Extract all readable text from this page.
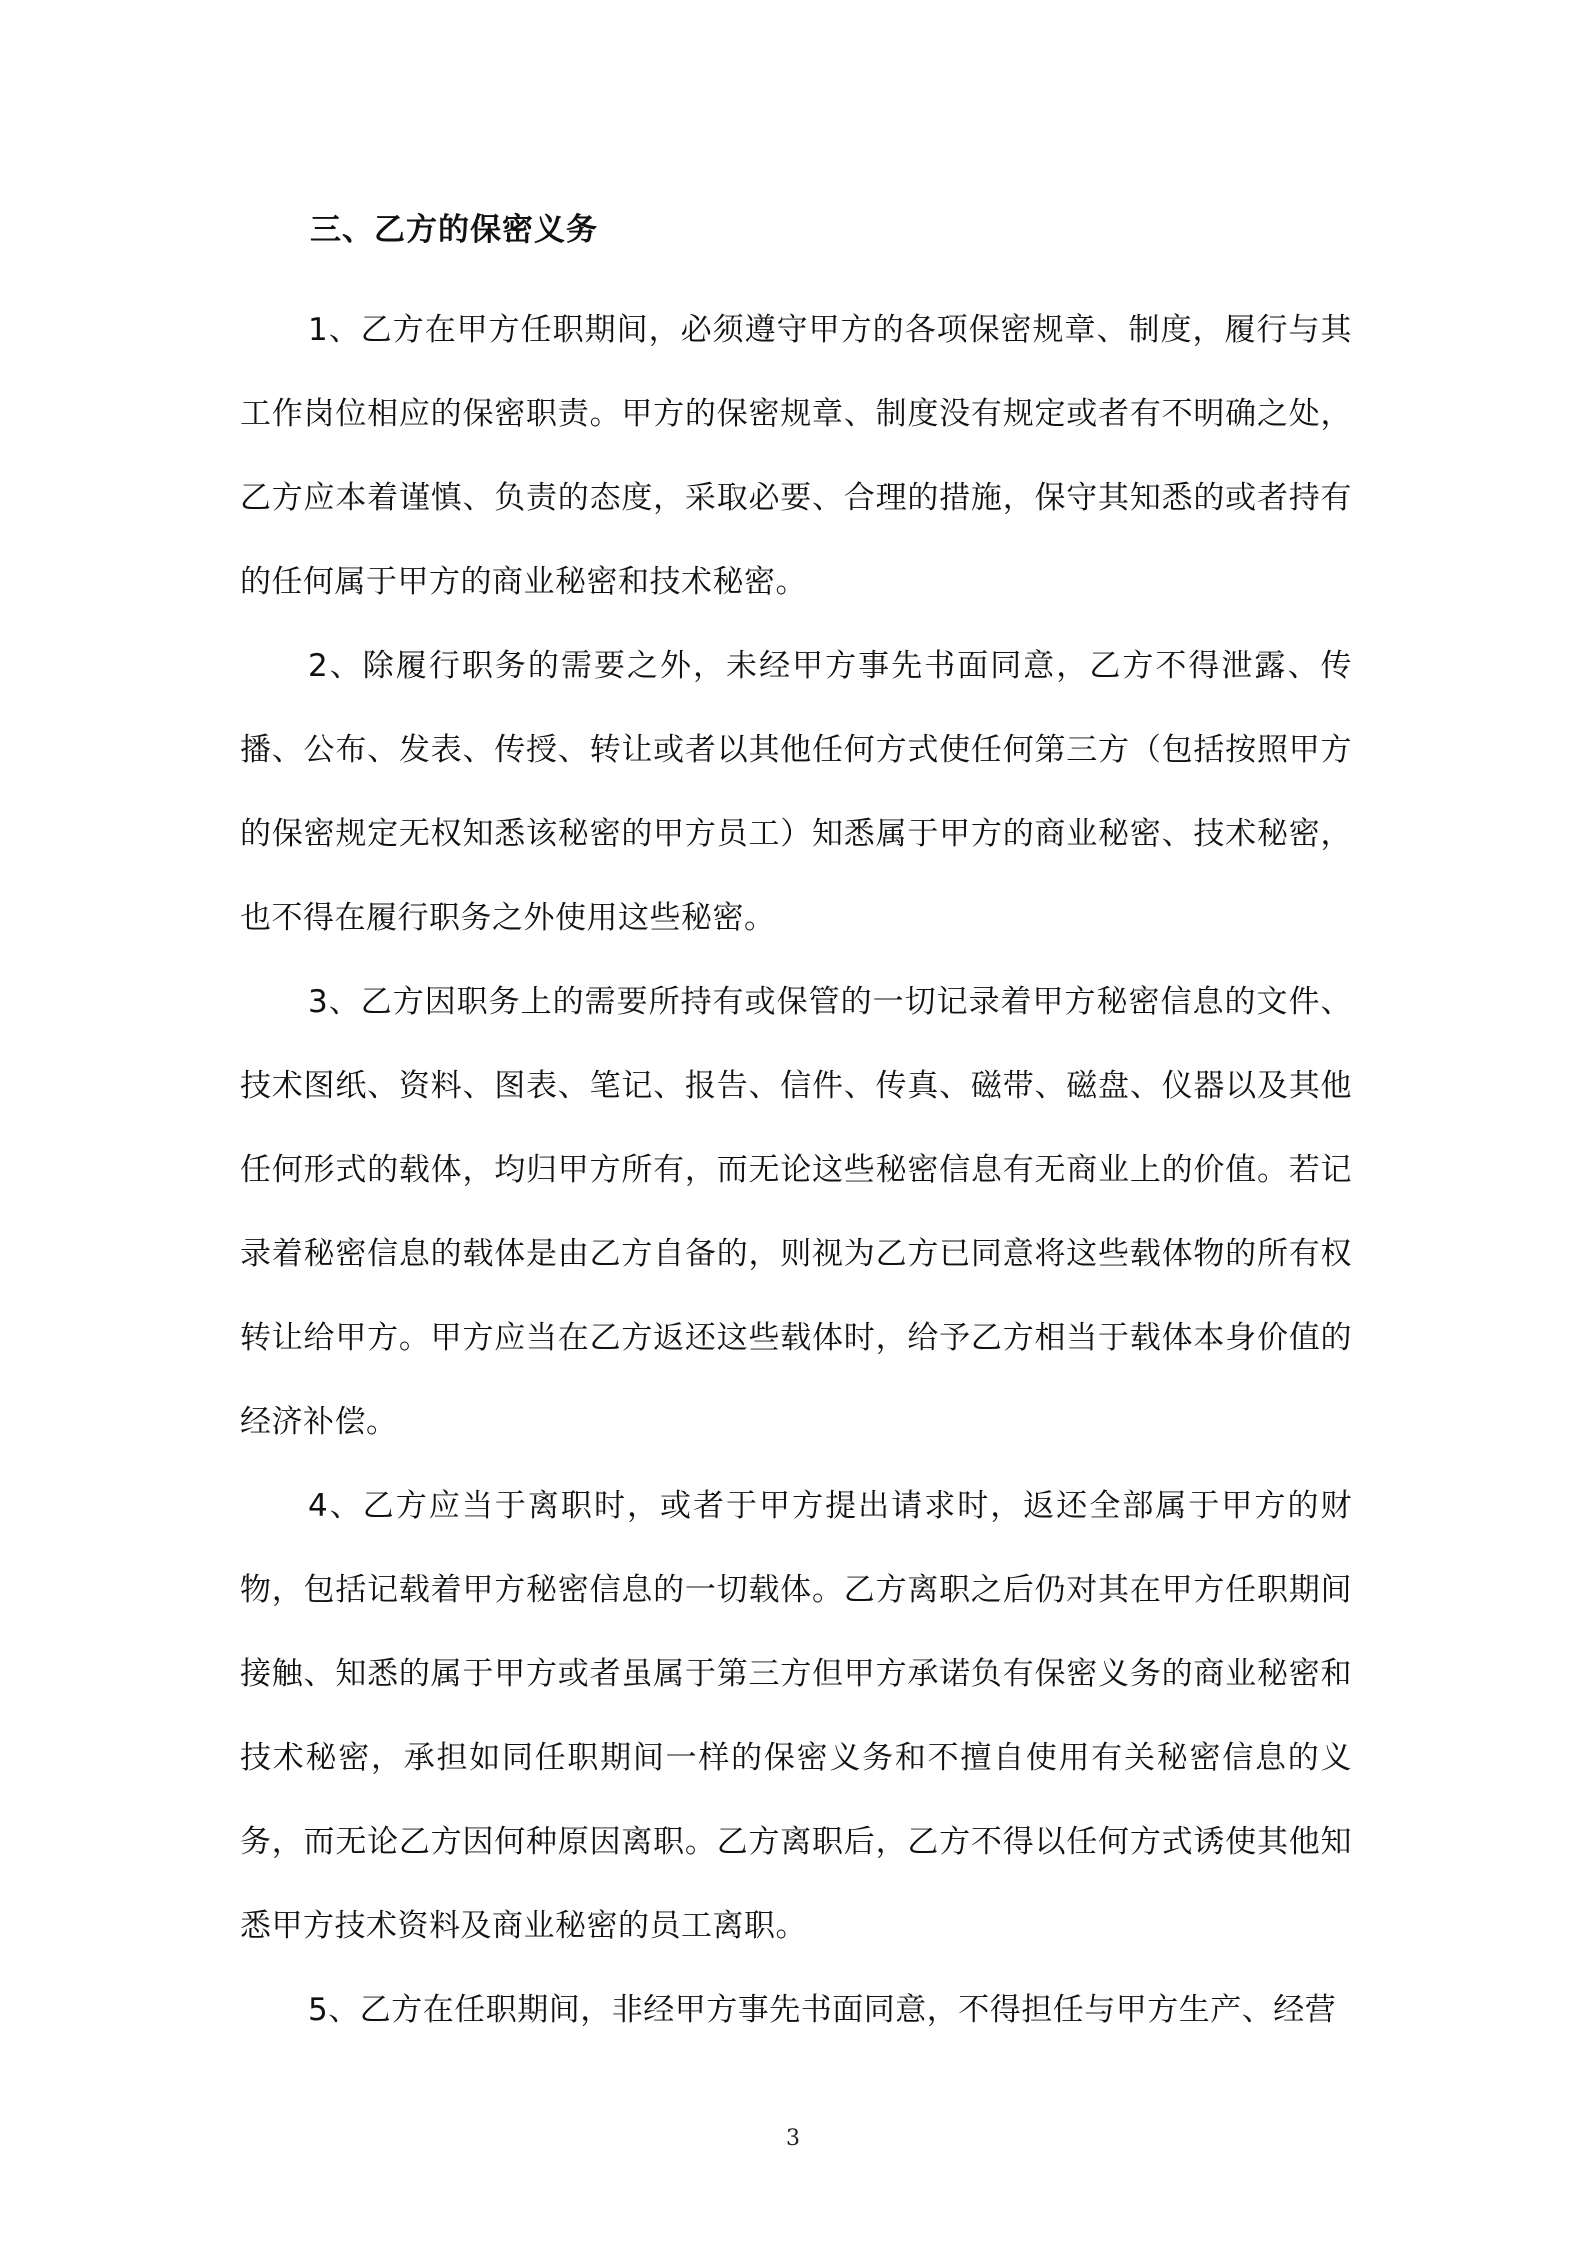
三、乙方的保密义务

1、乙方在甲方任职期间，必须遵守甲方的各项保密规章、制度，履行与其工作岗位相应的保密职责。甲方的保密规章、制度没有规定或者有不明确之处，乙方应本着谨慎、负责的态度，采取必要、合理的措施，保守其知悉的或者持有的任何属于甲方的商业秘密和技术秘密。

2、除履行职务的需要之外，未经甲方事先书面同意，乙方不得泄露、传播、公布、发表、传授、转让或者以其他任何方式使任何第三方（包括按照甲方的保密规定无权知悉该秘密的甲方员工）知悉属于甲方的商业秘密、技术秘密，也不得在履行职务之外使用这些秘密。

3、乙方因职务上的需要所持有或保管的一切记录着甲方秘密信息的文件、技术图纸、资料、图表、笔记、报告、信件、传真、磁带、磁盘、仪器以及其他任何形式的载体，均归甲方所有，而无论这些秘密信息有无商业上的价值。若记录着秘密信息的载体是由乙方自备的，则视为乙方已同意将这些载体物的所有权转让给甲方。甲方应当在乙方返还这些载体时，给予乙方相当于载体本身价值的经济补偿。

4、乙方应当于离职时，或者于甲方提出请求时，返还全部属于甲方的财物，包括记载着甲方秘密信息的一切载体。乙方离职之后仍对其在甲方任职期间接触、知悉的属于甲方或者虽属于第三方但甲方承诺负有保密义务的商业秘密和技术秘密，承担如同任职期间一样的保密义务和不擅自使用有关秘密信息的义务，而无论乙方因何种原因离职。乙方离职后，乙方不得以任何方式诱使其他知悉甲方技术资料及商业秘密的员工离职。

5、乙方在任职期间，非经甲方事先书面同意，不得担任与甲方生产、经营

3
